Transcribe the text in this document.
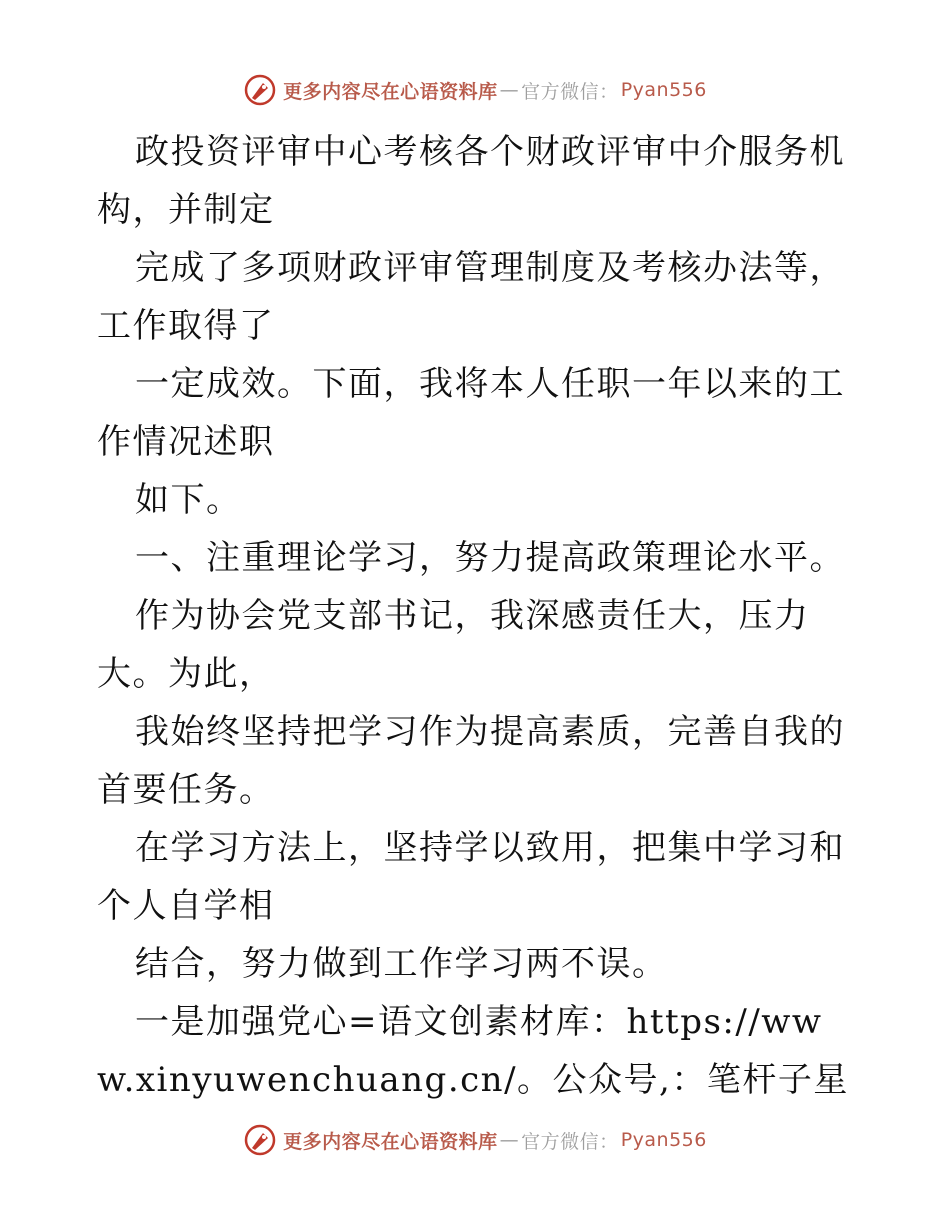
更多内容尽在心语资料库 — 官方微信： Pyan556

政投资评审中心考核各个财政评审中介服务机构，并制定

完成了多项财政评审管理制度及考核办法等，工作取得了

一定成效。下面，我将本人任职一年以来的工作情况述职

如下。

一、注重理论学习，努力提高政策理论水平。

作为协会党支部书记，我深感责任大，压力大。为此，

我始终坚持把学习作为提高素质，完善自我的首要任务。

在学习方法上，坚持学以致用，把集中学习和个人自学相

结合，努力做到工作学习两不误。

一是加强党心=语文创素材库：https://www.xinyuwenchuang.cn/。公众号,：笔杆子星

更多内容尽在心语资料库 — 官方微信： Pyan556
